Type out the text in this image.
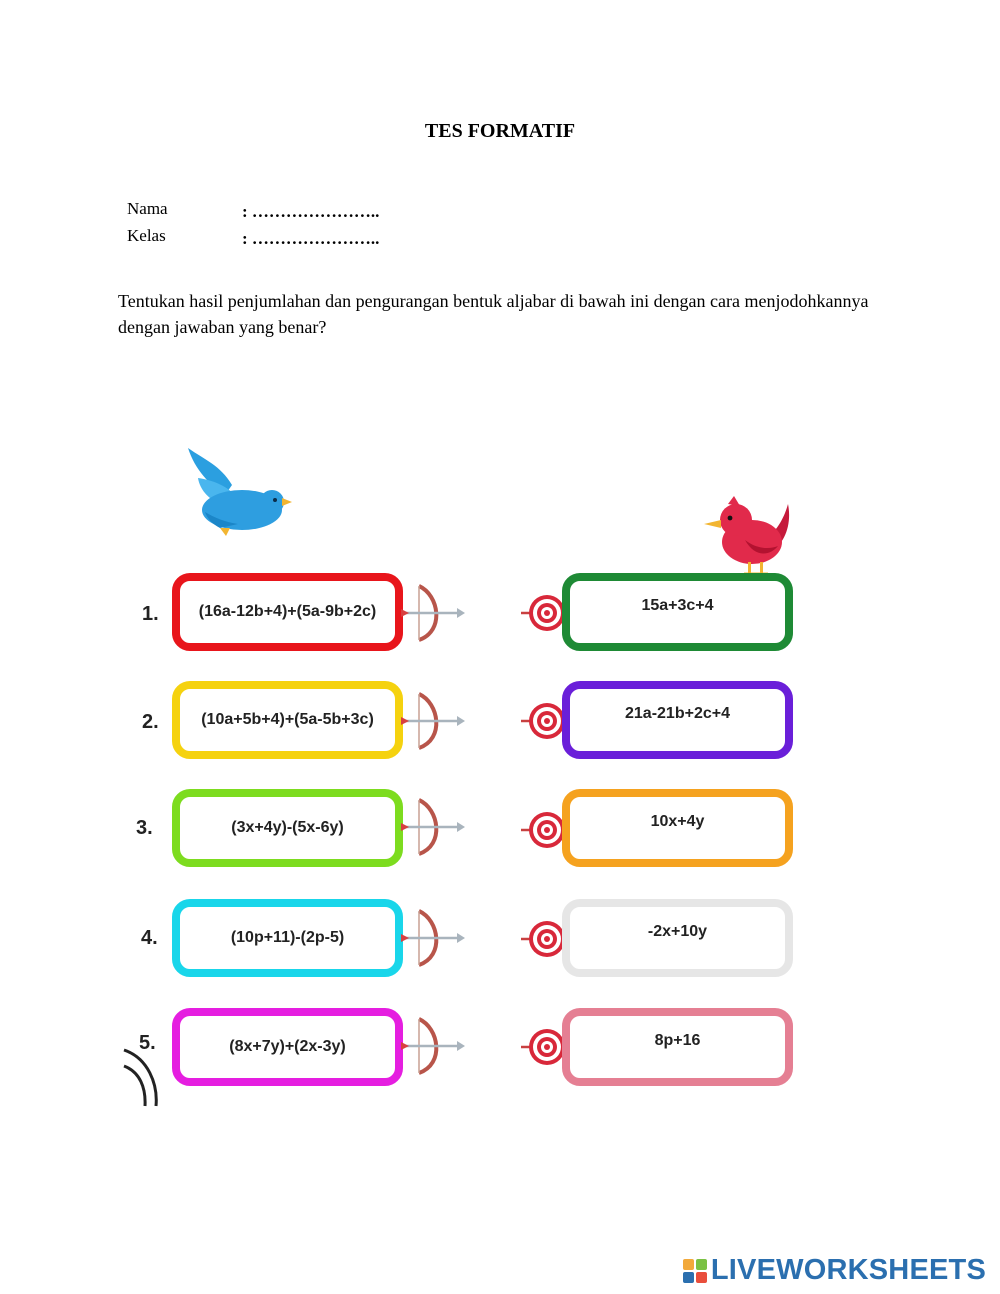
TES FORMATIF
Nama	: …………………..
Kelas	: …………………..
Tentukan hasil penjumlahan dan pengurangan bentuk aljabar di bawah ini dengan cara menjodohkannya dengan jawaban yang benar?
1.
2.
3.
4.
5.
(16a-12b+4)+(5a-9b+2c)
(10a+5b+4)+(5a-5b+3c)
(3x+4y)-(5x-6y)
(10p+11)-(2p-5)
(8x+7y)+(2x-3y)
15a+3c+4
21a-21b+2c+4
10x+4y
-2x+10y
8p+16
LIVEWORKSHEETS
